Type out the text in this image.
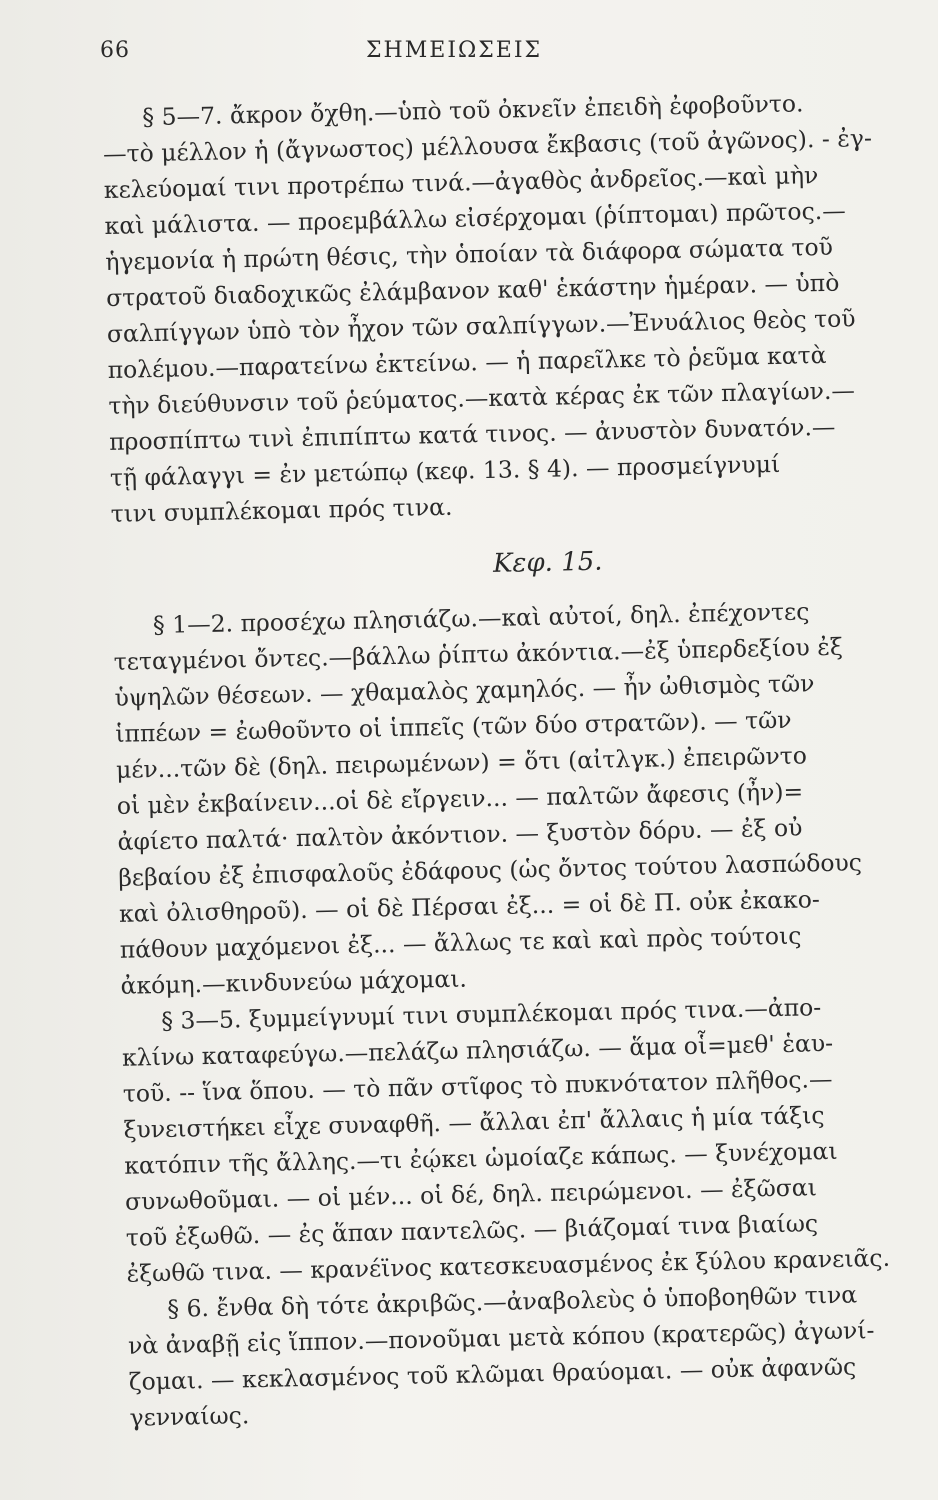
66	ΣΗΜΕΙΩΣΕΙΣ
§ 5—7. ἄκρον ὄχθη.—ὑπὸ τοῦ ὀκνεῖν ἐπειδὴ ἐφοβοῦντο.
—τὸ μέλλον ἡ (ἄγνωστος) μέλλουσα ἔκβασις (τοῦ ἀγῶνος). - ἐγ-
κελεύομαί τινι προτρέπω τινά.—ἀγαθὸς ἀνδρεῖος.—καὶ μὴν
καὶ μάλιστα. — προεμβάλλω εἰσέρχομαι (ῥίπτομαι) πρῶτος.—
ἡγεμονία ἡ πρώτη θέσις, τὴν ὁποίαν τὰ διάφορα σώματα τοῦ
στρατοῦ διαδοχικῶς ἐλάμβανον καθ' ἑκάστην ἡμέραν. — ὑπὸ
σαλπίγγων ὑπὸ τὸν ἦχον τῶν σαλπίγγων.—Ἐνυάλιος θεὸς τοῦ
πολέμου.—παρατείνω ἐκτείνω. — ἡ παρεῖλκε τὸ ῥεῦμα κατὰ
τὴν διεύθυνσιν τοῦ ῥεύματος.—κατὰ κέρας ἐκ τῶν πλαγίων.—
προσπίπτω τινὶ ἐπιπίπτω κατά τινος. — ἀνυστὸν δυνατόν.—
τῇ φάλαγγι = ἐν μετώπῳ (κεφ. 13. § 4). — προσμείγνυμί
τινι συμπλέκομαι πρός τινα.
Κεφ. 15.
§ 1—2. προσέχω πλησιάζω.—καὶ αὐτοί, δηλ. ἐπέχοντες
τεταγμένοι ὄντες.—βάλλω ῥίπτω ἀκόντια.—ἐξ ὑπερδεξίου ἐξ
ὑψηλῶν θέσεων. — χθαμαλὸς χαμηλός. — ἦν ὠθισμὸς τῶν
ἱππέων = ἐωθοῦντο οἱ ἱππεῖς (τῶν δύο στρατῶν). — τῶν
μέν...τῶν δὲ (δηλ. πειρωμένων) = ὅτι (αἰτλγκ.) ἐπειρῶντο
οἱ μὲν ἐκβαίνειν...οἱ δὲ εἴργειν... — παλτῶν ἄφεσις (ἦν)=
ἀφίετο παλτά· παλτὸν ἀκόντιον. — ξυστὸν δόρυ. — ἐξ οὐ
βεβαίου ἐξ ἐπισφαλοῦς ἐδάφους (ὡς ὄντος τούτου λασπώδους
καὶ ὀλισθηροῦ). — οἱ δὲ Πέρσαι ἐξ... = οἱ δὲ Π. οὐκ ἐκακο-
πάθουν μαχόμενοι ἐξ... — ἄλλως τε καὶ καὶ πρὸς τούτοις
ἀκόμη.—κινδυνεύω μάχομαι.
§ 3—5. ξυμμείγνυμί τινι συμπλέκομαι πρός τινα.—ἀπο-
κλίνω καταφεύγω.—πελάζω πλησιάζω. — ἅμα οἷ=μεθ' ἑαυ-
τοῦ. -- ἵνα ὅπου. — τὸ πᾶν στῖφος τὸ πυκνότατον πλῆθος.—
ξυνειστήκει εἶχε συναφθῆ. — ἄλλαι ἐπ' ἄλλαις ἡ μία τάξις
κατόπιν τῆς ἄλλης.—τι ἐῴκει ὡμοίαζε κάπως. — ξυνέχομαι
συνωθοῦμαι. — οἱ μέν... οἱ δέ, δηλ. πειρώμενοι. — ἐξῶσαι
τοῦ ἐξωθῶ. — ἐς ἅπαν παντελῶς. — βιάζομαί τινα βιαίως
ἐξωθῶ τινα. — κρανέϊνος κατεσκευασμένος ἐκ ξύλου κρανειᾶς.
§ 6. ἔνθα δὴ τότε ἀκριβῶς.—ἀναβολεὺς ὁ ὑποβοηθῶν τινα
νὰ ἀναβῇ εἰς ἵππον.—πονοῦμαι μετὰ κόπου (κρατερῶς) ἀγωνί-
ζομαι. — κεκλασμένος τοῦ κλῶμαι θραύομαι. — οὐκ ἀφανῶς
γενναίως.
